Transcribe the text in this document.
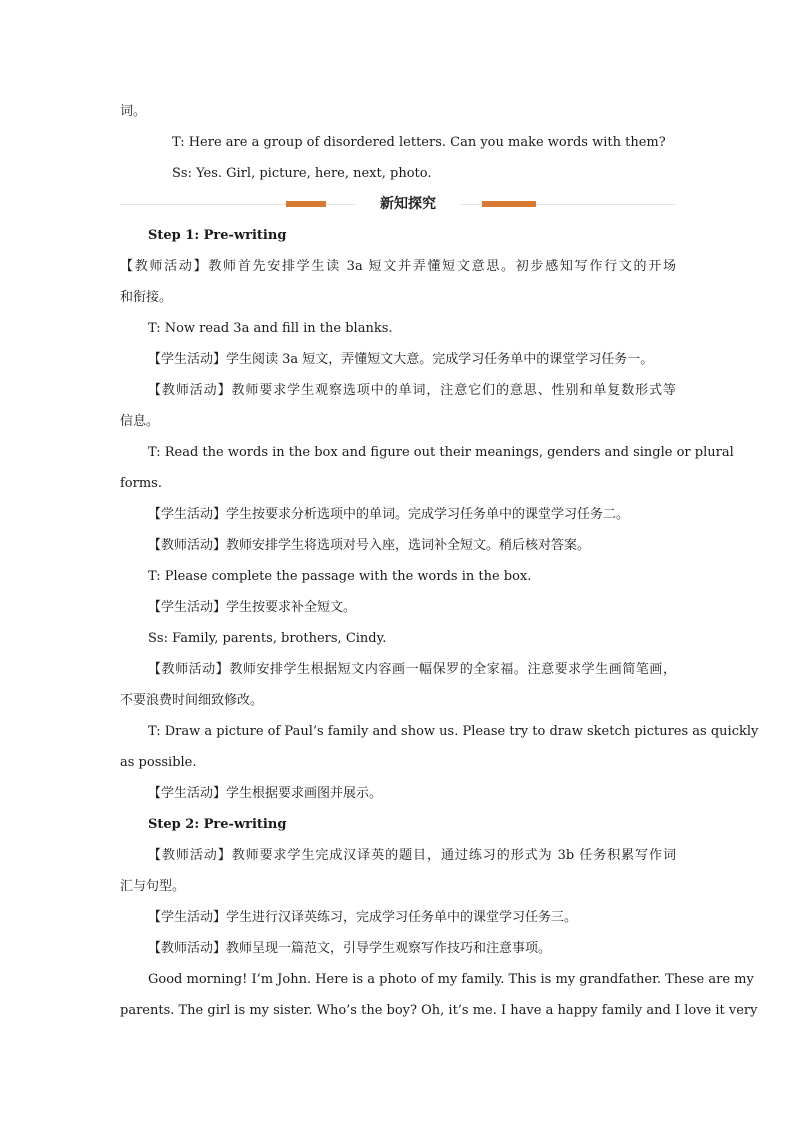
词。
T: Here are a group of disordered letters. Can you make words with them?
Ss: Yes. Girl, picture, here, next, photo.
新知探究
Step 1: Pre-writing
【教师活动】教师首先安排学生读 3a 短文并弄懂短文意思。初步感知写作行文的开场
和衔接。
T: Now read 3a and fill in the blanks.
【学生活动】学生阅读 3a 短文，弄懂短文大意。完成学习任务单中的课堂学习任务一。
【教师活动】教师要求学生观察选项中的单词，注意它们的意思、性别和单复数形式等
信息。
T: Read the words in the box and figure out their meanings, genders and single or plural
forms.
【学生活动】学生按要求分析选项中的单词。完成学习任务单中的课堂学习任务二。
【教师活动】教师安排学生将选项对号入座，选词补全短文。稍后核对答案。
T: Please complete the passage with the words in the box.
【学生活动】学生按要求补全短文。
Ss: Family, parents, brothers, Cindy.
【教师活动】教师安排学生根据短文内容画一幅保罗的全家福。注意要求学生画简笔画，
不要浪费时间细致修改。
T: Draw a picture of Paul’s family and show us. Please try to draw sketch pictures as quickly
as possible.
【学生活动】学生根据要求画图并展示。
Step 2: Pre-writing
【教师活动】教师要求学生完成汉译英的题目，通过练习的形式为 3b 任务积累写作词
汇与句型。
【学生活动】学生进行汉译英练习，完成学习任务单中的课堂学习任务三。
【教师活动】教师呈现一篇范文，引导学生观察写作技巧和注意事项。
Good morning! I’m John. Here is a photo of my family. This is my grandfather. These are my
parents. The girl is my sister. Who’s the boy? Oh, it’s me. I have a happy family and I love it very
